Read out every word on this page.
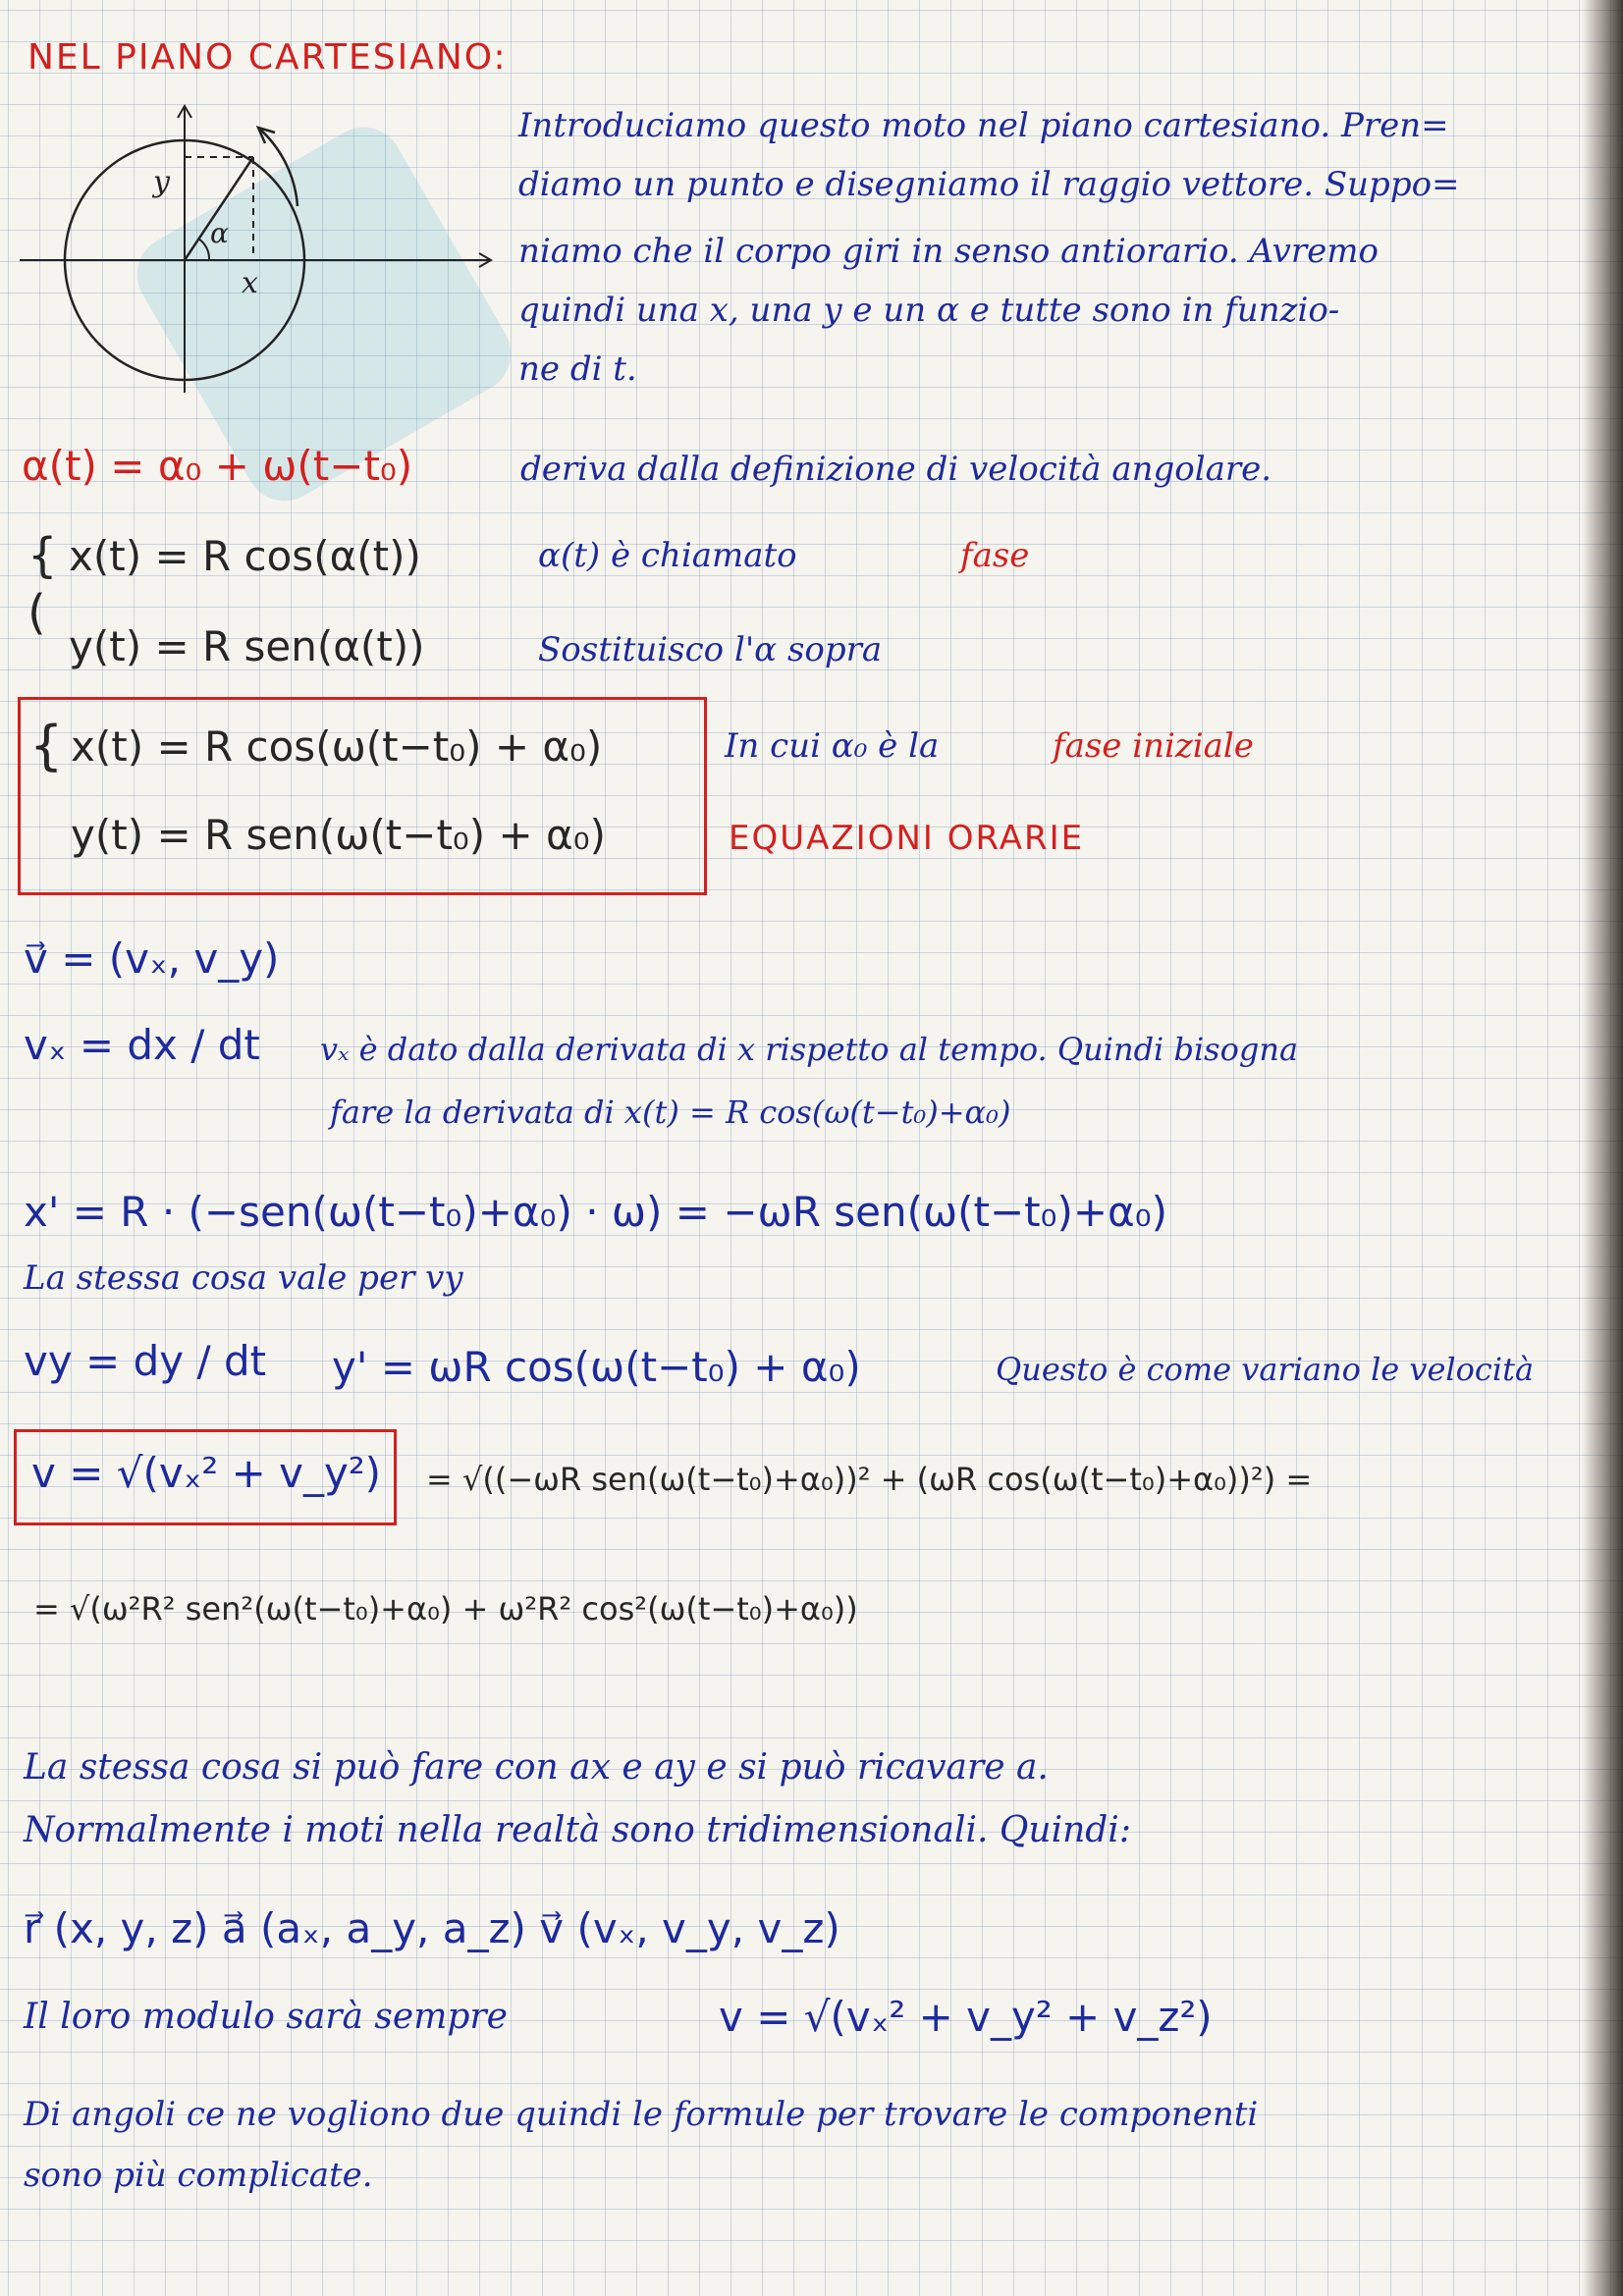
NEL PIANO CARTESIANO:
y
α
x
Introduciamo questo moto nel piano cartesiano. Pren=
diamo un punto e disegniamo il raggio vettore. Suppo=
niamo che il corpo giri in senso antiorario. Avremo
quindi una x, una y e un α e tutte sono in funzio-
ne di t.
α(t) = α₀ + ω(t−t₀)	deriva dalla definizione di velocità angolare.
{
(
x(t) = R cos(α(t))	α(t) è chiamato	fase
y(t) = R sen(α(t))	Sostituisco l'α sopra
{ x(t) = R cos(ω(t−t₀) + α₀)
y(t) = R sen(ω(t−t₀) + α₀)
In cui α₀ è la	fase iniziale
EQUAZIONI ORARIE
v⃗ = (vₓ, v_y)
vₓ = dx / dt vₓ è dato dalla derivata di x rispetto al tempo. Quindi bisogna
fare la derivata di x(t) = R cos(ω(t−t₀)+α₀)
x' = R · (−sen(ω(t−t₀)+α₀) · ω) = −ωR sen(ω(t−t₀)+α₀)
La stessa cosa vale per vy
vy = dy / dt y' = ωR cos(ω(t−t₀) + α₀)	Questo è come variano le velocità
v = √(vₓ² + v_y²) = √((−ωR sen(ω(t−t₀)+α₀))² + (ωR cos(ω(t−t₀)+α₀))²) =
= √(ω²R² sen²(ω(t−t₀)+α₀) + ω²R² cos²(ω(t−t₀)+α₀))
La stessa cosa si può fare con ax e ay e si può ricavare a.
Normalmente i moti nella realtà sono tridimensionali. Quindi:
r⃗ (x, y, z) a⃗ (aₓ, a_y, a_z) v⃗ (vₓ, v_y, v_z)
Il loro modulo sarà sempre	v = √(vₓ² + v_y² + v_z²)
Di angoli ce ne vogliono due quindi le formule per trovare le componenti
sono più complicate.
